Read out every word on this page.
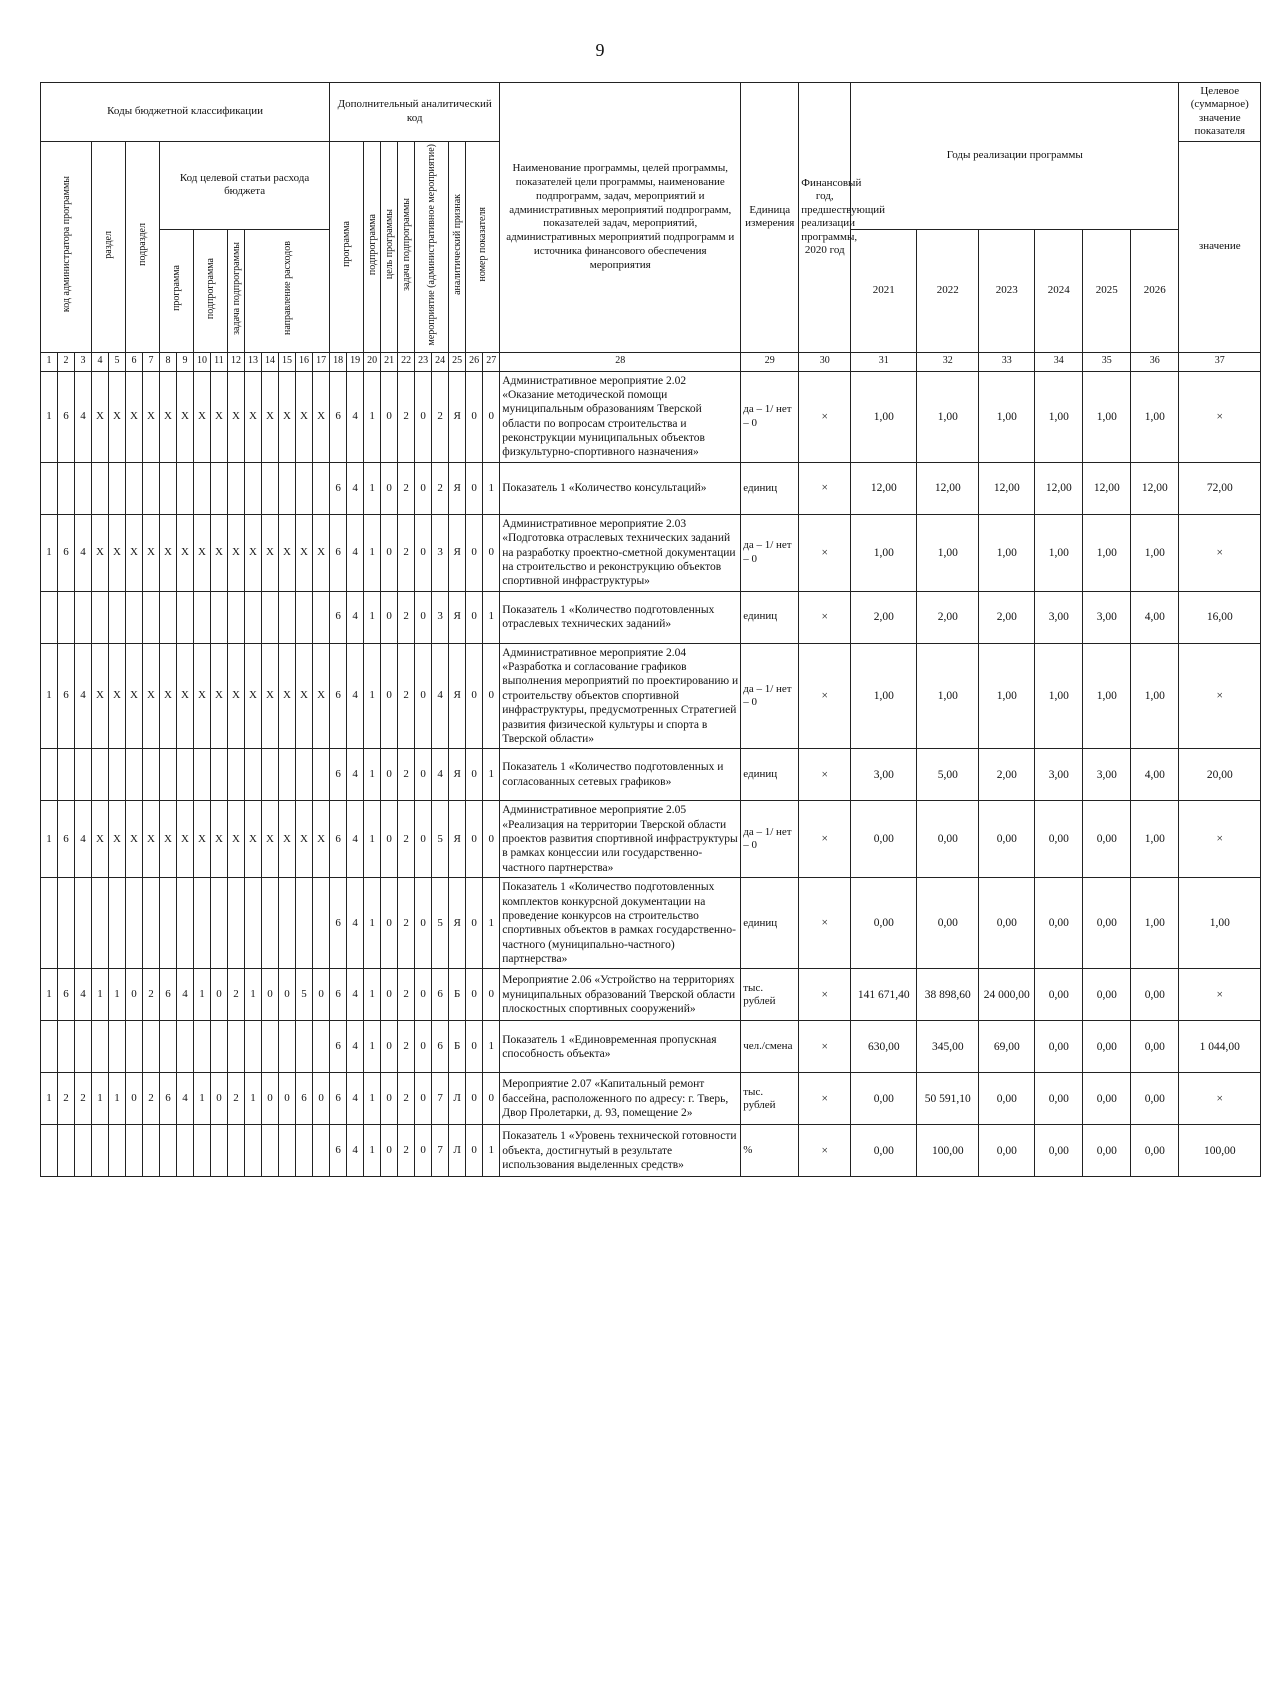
9
Коды бюджетной классификации																	Дополнительный аналитический код										Наименование программы, целей программы, показателей цели программы, наименование подпрограмм, задач, мероприятий и административных мероприятий подпрограмм, показателей задач, мероприятий, административных мероприятий подпрограмм и источника финансового обеспечения мероприятия	Единица измерения	Финансовый год, предшествующий реализации программы, 2020 год	Годы реализации программы						Целевое (суммарное) значение показателя
код администратора программы			раздел		подраздел		Код целевой статьи расхода бюджета										программа		подпрограмма	цель программы	задача подпрограммы	мероприятие (административное мероприятие)		аналитический признак	номер показателя											значение
							программа		подпрограмма		задача подпрограммы	направление расходов																		2021	2022	2023	2024	2025	2026	
1	2	3	4	5	6	7	8	9	10	11	12	13	14	15	16	17	18	19	20	21	22	23	24	25	26	27	28	29	30	31	32	33	34	35	36	37
1	6	4	X	X	X	X	X	X	X	X	X	X	X	X	X	X	6	4	1	0	2	0	2	Я	0	0	Административное мероприятие 2.02 «Оказание методической помощи муниципальным образованиям Тверской области по вопросам строительства и реконструкции муниципальных объектов физкультурно-спортивного назначения»	да – 1/ нет – 0	×	1,00	1,00	1,00	1,00	1,00	1,00	×
																	6	4	1	0	2	0	2	Я	0	1	Показатель 1 «Количество консультаций»	единиц	×	12,00	12,00	12,00	12,00	12,00	12,00	72,00
1	6	4	X	X	X	X	X	X	X	X	X	X	X	X	X	X	6	4	1	0	2	0	3	Я	0	0	Административное мероприятие 2.03 «Подготовка отраслевых технических заданий на разработку проектно-сметной документации на строительство и реконструкцию объектов спортивной инфраструктуры»	да – 1/ нет – 0	×	1,00	1,00	1,00	1,00	1,00	1,00	×
																	6	4	1	0	2	0	3	Я	0	1	Показатель 1 «Количество подготовленных отраслевых технических заданий»	единиц	×	2,00	2,00	2,00	3,00	3,00	4,00	16,00
1	6	4	X	X	X	X	X	X	X	X	X	X	X	X	X	X	6	4	1	0	2	0	4	Я	0	0	Административное мероприятие 2.04 «Разработка и согласование графиков выполнения мероприятий по проектированию и строительству объектов спортивной инфраструктуры, предусмотренных Стратегией развития физической культуры и спорта в Тверской области»	да – 1/ нет – 0	×	1,00	1,00	1,00	1,00	1,00	1,00	×
																	6	4	1	0	2	0	4	Я	0	1	Показатель 1 «Количество подготовленных и согласованных сетевых графиков»	единиц	×	3,00	5,00	2,00	3,00	3,00	4,00	20,00
1	6	4	X	X	X	X	X	X	X	X	X	X	X	X	X	X	6	4	1	0	2	0	5	Я	0	0	Административное мероприятие 2.05 «Реализация на территории Тверской области проектов развития спортивной инфраструктуры в рамках концессии или государственно-частного партнерства»	да – 1/ нет – 0	×	0,00	0,00	0,00	0,00	0,00	1,00	×
																	6	4	1	0	2	0	5	Я	0	1	Показатель 1 «Количество подготовленных комплектов конкурсной документации на проведение конкурсов на строительство спортивных объектов в рамках государственно-частного (муниципально-частного) партнерства»	единиц	×	0,00	0,00	0,00	0,00	0,00	1,00	1,00
1	6	4	1	1	0	2	6	4	1	0	2	1	0	0	5	0	6	4	1	0	2	0	6	Б	0	0	Мероприятие 2.06 «Устройство на территориях муниципальных образований Тверской области плоскостных спортивных сооружений»	тыс. рублей	×	141 671,40	38 898,60	24 000,00	0,00	0,00	0,00	×
																	6	4	1	0	2	0	6	Б	0	1	Показатель 1 «Единовременная пропускная способность объекта»	чел./смена	×	630,00	345,00	69,00	0,00	0,00	0,00	1 044,00
1	2	2	1	1	0	2	6	4	1	0	2	1	0	0	6	0	6	4	1	0	2	0	7	Л	0	0	Мероприятие 2.07 «Капитальный ремонт бассейна, расположенного по адресу: г. Тверь, Двор Пролетарки, д. 93, помещение 2»	тыс. рублей	×	0,00	50 591,10	0,00	0,00	0,00	0,00	×
																	6	4	1	0	2	0	7	Л	0	1	Показатель 1 «Уровень технической готовности объекта, достигнутый в результате использования выделенных средств»	%	×	0,00	100,00	0,00	0,00	0,00	0,00	100,00
